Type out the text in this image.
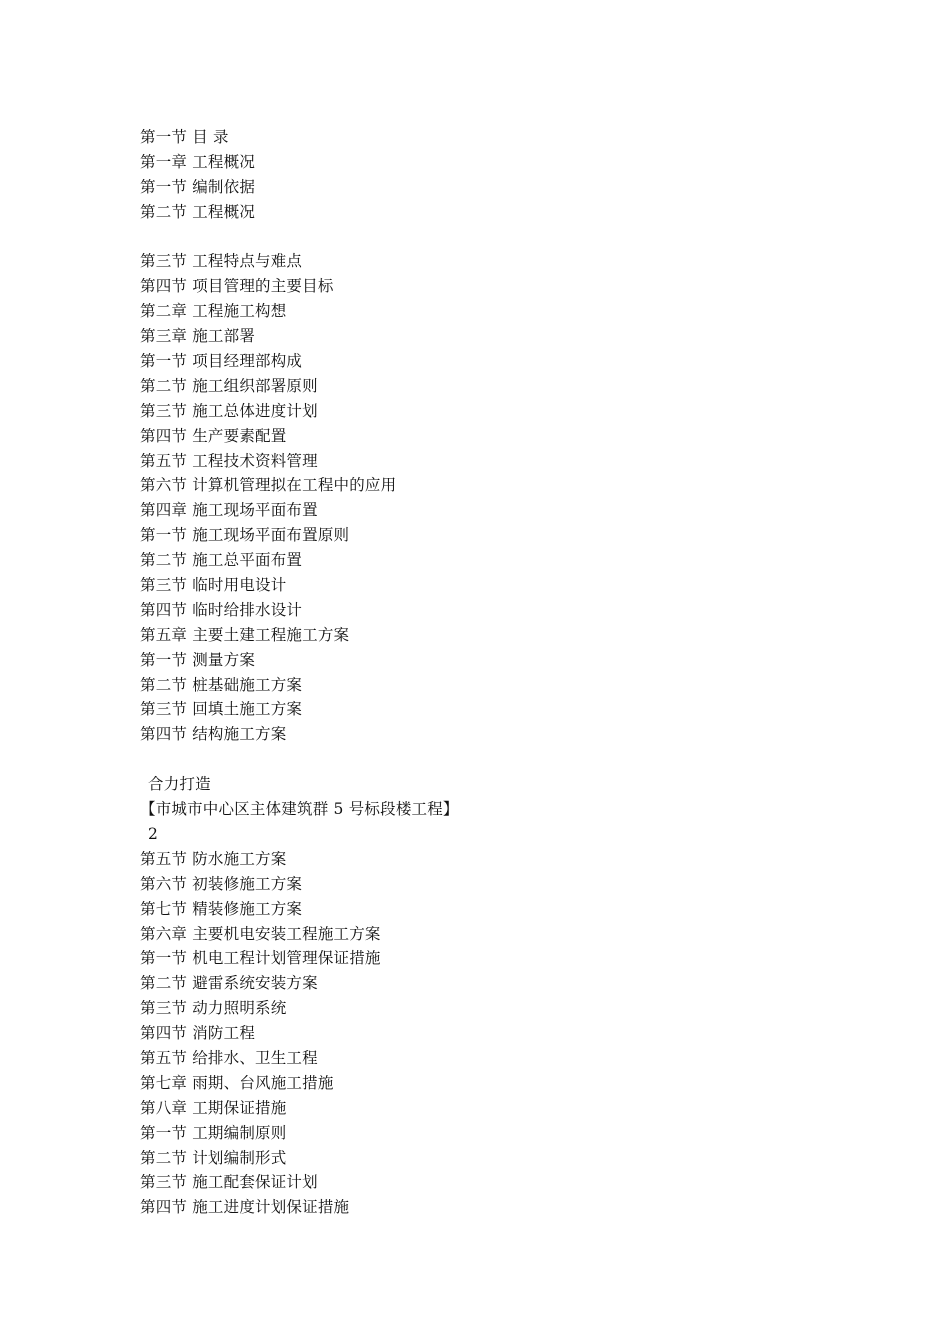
第一节 目 录
第一章 工程概况
第一节 编制依据
第二节 工程概况
第三节 工程特点与难点
第四节 项目管理的主要目标
第二章 工程施工构想
第三章 施工部署
第一节 项目经理部构成
第二节 施工组织部署原则
第三节 施工总体进度计划
第四节 生产要素配置
第五节 工程技术资料管理
第六节 计算机管理拟在工程中的应用
第四章 施工现场平面布置
第一节 施工现场平面布置原则
第二节 施工总平面布置
第三节 临时用电设计
第四节 临时给排水设计
第五章 主要土建工程施工方案
第一节 测量方案
第二节 桩基础施工方案
第三节 回填土施工方案
第四节 结构施工方案
合力打造
【市城市中心区主体建筑群 5 号标段楼工程】
2
第五节 防水施工方案
第六节 初装修施工方案
第七节 精装修施工方案
第六章 主要机电安装工程施工方案
第一节 机电工程计划管理保证措施
第二节 避雷系统安装方案
第三节 动力照明系统
第四节 消防工程
第五节 给排水、卫生工程
第七章 雨期、台风施工措施
第八章 工期保证措施
第一节 工期编制原则
第二节 计划编制形式
第三节 施工配套保证计划
第四节 施工进度计划保证措施
